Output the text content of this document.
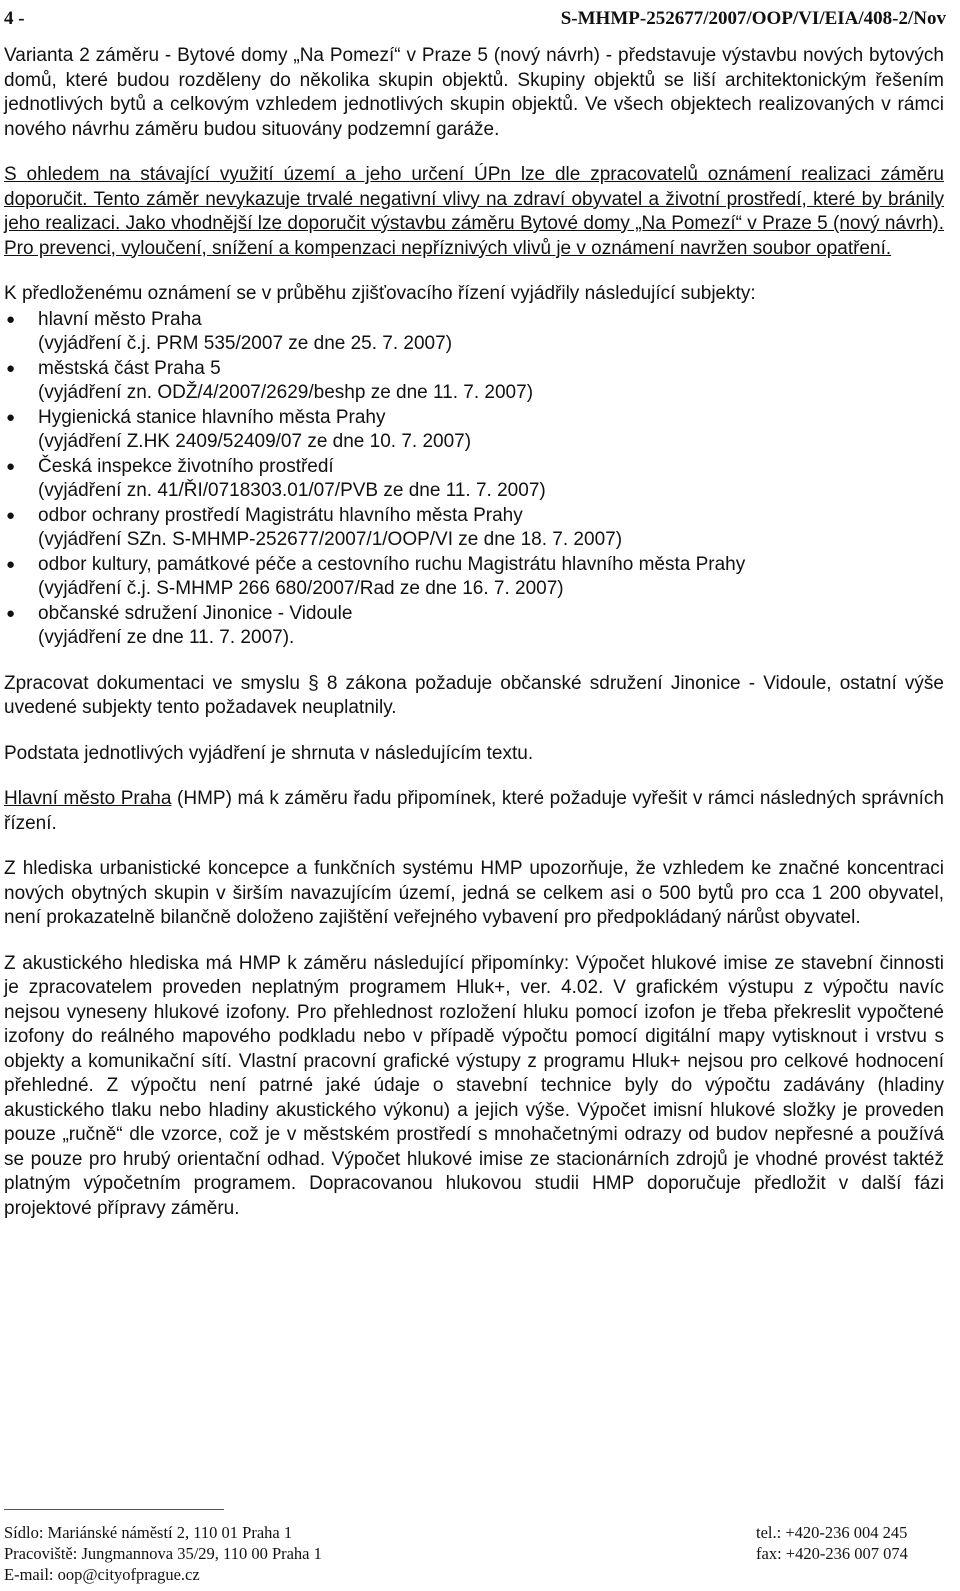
4 -	S-MHMP-252677/2007/OOP/VI/EIA/408-2/Nov

Varianta 2 záměru - Bytové domy „Na Pomezí“ v Praze 5 (nový návrh) - představuje výstavbu nových bytových domů, které budou rozděleny do několika skupin objektů. Skupiny objektů se liší architektonickým řešením jednotlivých bytů a celkovým vzhledem jednotlivých skupin objektů. Ve všech objektech realizovaných v rámci nového návrhu záměru budou situovány podzemní garáže.

S ohledem na stávající využití území a jeho určení ÚPn lze dle zpracovatelů oznámení realizaci záměru doporučit. Tento záměr nevykazuje trvalé negativní vlivy na zdraví obyvatel a životní prostředí, které by bránily jeho realizaci. Jako vhodnější lze doporučit výstavbu záměru Bytové domy „Na Pomezí“ v Praze 5 (nový návrh). Pro prevenci, vyloučení, snížení a kompenzaci nepříznivých vlivů je v oznámení navržen soubor opatření.

K předloženému oznámení se v průběhu zjišťovacího řízení vyjádřily následující subjekty:

● hlavní město Praha
(vyjádření č.j. PRM 535/2007 ze dne 25. 7. 2007)
● městská část Praha 5
(vyjádření zn. ODŽ/4/2007/2629/beshp ze dne 11. 7. 2007)
● Hygienická stanice hlavního města Prahy
(vyjádření Z.HK 2409/52409/07 ze dne 10. 7. 2007)
● Česká inspekce životního prostředí
(vyjádření zn. 41/ŘI/0718303.01/07/PVB ze dne 11. 7. 2007)
● odbor ochrany prostředí Magistrátu hlavního města Prahy
(vyjádření SZn. S-MHMP-252677/2007/1/OOP/VI ze dne 18. 7. 2007)
● odbor kultury, památkové péče a cestovního ruchu Magistrátu hlavního města Prahy
(vyjádření č.j. S-MHMP 266 680/2007/Rad ze dne 16. 7. 2007)
● občanské sdružení Jinonice - Vidoule
(vyjádření ze dne 11. 7. 2007).

Zpracovat dokumentaci ve smyslu § 8 zákona požaduje občanské sdružení Jinonice - Vidoule, ostatní výše uvedené subjekty tento požadavek neuplatnily.

Podstata jednotlivých vyjádření je shrnuta v následujícím textu.

Hlavní město Praha (HMP) má k záměru řadu připomínek, které požaduje vyřešit v rámci následných správních řízení.

Z hlediska urbanistické koncepce a funkčních systému HMP upozorňuje, že vzhledem ke značné koncentraci nových obytných skupin v širším navazujícím území, jedná se celkem asi o 500 bytů pro cca 1 200 obyvatel, není prokazatelně bilančně doloženo zajištění veřejného vybavení pro předpokládaný nárůst obyvatel.

Z akustického hlediska má HMP k záměru následující připomínky: Výpočet hlukové imise ze stavební činnosti je zpracovatelem proveden neplatným programem Hluk+, ver. 4.02. V grafickém výstupu z výpočtu navíc nejsou vyneseny hlukové izofony. Pro přehlednost rozložení hluku pomocí izofon je třeba překreslit vypočtené izofony do reálného mapového podkladu nebo v případě výpočtu pomocí digitální mapy vytisknout i vrstvu s objekty a komunikační sítí. Vlastní pracovní grafické výstupy z programu Hluk+ nejsou pro celkové hodnocení přehledné. Z výpočtu není patrné jaké údaje o stavební technice byly do výpočtu zadávány (hladiny akustického tlaku nebo hladiny akustického výkonu) a jejich výše. Výpočet imisní hlukové složky je proveden pouze „ručně“ dle vzorce, což je v městském prostředí s mnohačetnými odrazy od budov nepřesné a používá se pouze pro hrubý orientační odhad. Výpočet hlukové imise ze stacionárních zdrojů je vhodné provést taktéž platným výpočetním programem. Dopracovanou hlukovou studii HMP doporučuje předložit v další fázi projektové přípravy záměru.

Sídlo: Mariánské náměstí 2, 110 01 Praha 1	tel.: +420-236 004 245
Pracoviště: Jungmannova 35/29, 110 00 Praha 1	fax: +420-236 007 074
E-mail: oop@cityofprague.cz
